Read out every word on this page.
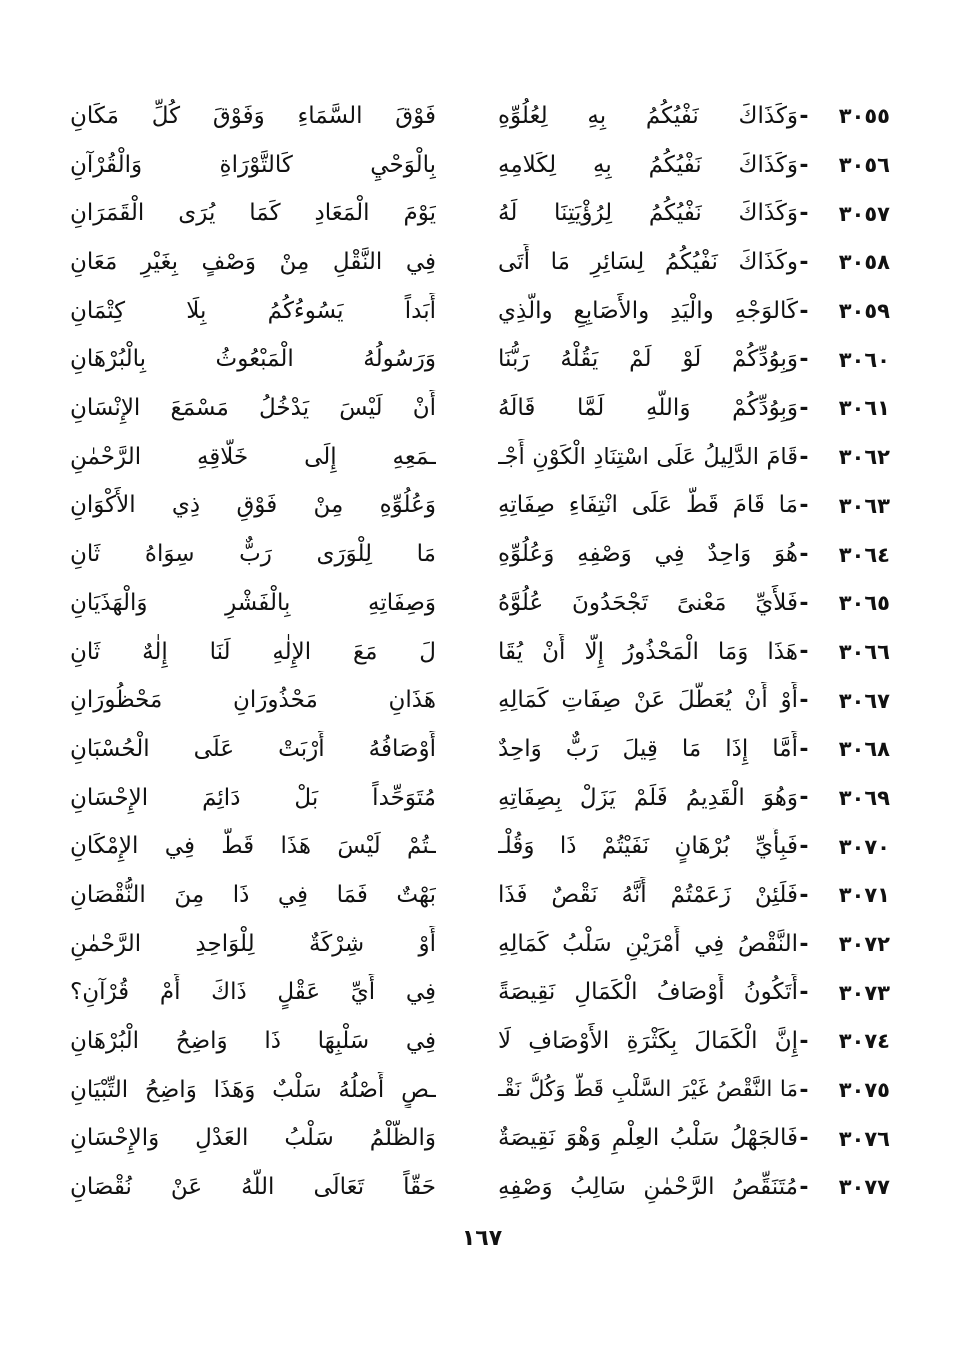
٣٠٥٥
-
وَكَذَاكَ نَفْيُكُمُ بِهِ لِعُلُوِّهِ
فَوْقَ السَّمَاءِ وَفَوْقَ كُلِّ مَكَانِ
٣٠٥٦
-
وَكَذَاكَ نَفْيُكُمُ بِهِ لِكَلامِهِ
بِالْوَحْيِ كَالتَّوْرَاةِ وَالْقُرْآنِ
٣٠٥٧
-
وَكَذَاكَ نَفْيُكُمُ لِرُؤْيَتِنَا لَهُ
يَوْمَ الْمَعَادِ كَمَا يُرَى الْقَمَرَانِ
٣٠٥٨
-
وكَذَاكَ نَفْيُكُمُ لِسَائِرِ مَا أَتَى
فِي النَّقْلِ مِنْ وَصْفٍ بِغَيْرِ مَعَانِ
٣٠٥٩
-
كَالوَجْهِ والْيَدِ والأَصَابِعِ والَّذِي
أَبَداً يَسُوءُكُمُ بِلَا كِتْمَانِ
٣٠٦٠
-
وَبِوُدِّكُمْ لَوْ لَمْ يَقُلْهُ رَبُّنَا
وَرَسُولُهُ الْمَبْعُوثُ بِالْبُرْهَانِ
٣٠٦١
-
وَبِوُدِّكُمْ وَاللَّهِ لَمَّا قَالَهُ
أَنْ لَيْسَ يَدْخُلُ مَسْمَعَ الإِنْسَانِ
٣٠٦٢
-
قَامَ الدَّلِيلُ عَلَى اسْتِنَادِ الْكَوْنِ أَجْـ
ـمَعِهِ إِلَى خَلَّاقِهِ الرَّحْمٰنِ
٣٠٦٣
-
مَا قَامَ قَطُّ عَلَى انْتِفَاءِ صِفَاتِهِ
وَعُلُوِّهِ مِنْ فَوْقِ ذِي الأَكْوَانِ
٣٠٦٤
-
هُوَ وَاحِدٌ فِي وَصْفِهِ وَعُلُوِّهِ
مَا لِلْوَرَى رَبٌّ سِوَاهُ ثَانِ
٣٠٦٥
-
فَلأَيِّ مَعْنىً تَجْحَدُونَ عُلُوَّهُ
وَصِفَاتِهِ بِالْفَشْرِ وَالْهَذَيَانِ
٣٠٦٦
-
هَذَا وَمَا الْمَحْذُورُ إِلَّا أَنْ يُقَا
لَ مَعَ الإِلٰهِ لَنَا إِلٰهٌ ثَانِ
٣٠٦٧
-
أَوْ أَنْ يُعَطَّلَ عَنْ صِفَاتِ كَمَالِهِ
هَذَانِ مَحْذُورَانِ مَحْظُورَانِ
٣٠٦٨
-
أَمَّا إِذَا مَا قِيلَ رَبٌّ وَاحِدٌ
أَوْصَافُهُ أَرْبَتْ عَلَى الْحُسْبَانِ
٣٠٦٩
-
وَهُوَ الْقَدِيمُ فَلَمْ يَزَلْ بِصِفَاتِهِ
مُتَوَحِّداً بَلْ دَائِمَ الإِحْسَانِ
٣٠٧٠
-
فَبِأَيِّ بُرْهَانٍ نَفَيْتُمْ ذَا وَقُلْـ
ـتُمْ لَيْسَ هَذَا قَطُّ فِي الإِمْكَانِ
٣٠٧١
-
فَلَئِنْ زَعَمْتُمْ أَنَّهُ نَقْصٌ فَذَا
بَهْتٌ فَمَا فِي ذَا مِنَ النُّقْصَانِ
٣٠٧٢
-
النَّقْصُ فِي أَمْرَيْنِ سَلْبُ كَمَالِهِ
أَوْ شِرْكَةٌ لِلْوَاحِدِ الرَّحْمٰنِ
٣٠٧٣
-
أَتَكُونُ أَوْصَافُ الْكَمَالِ نَقِيصَةً
فِي أَيِّ عَقْلٍ ذَاكَ أَمْ قُرْآنِ؟
٣٠٧٤
-
إِنَّ الْكَمَالَ بِكَثْرَةِ الأَوْصَافِ لَا
فِي سَلْبِهَا ذَا وَاضِحُ الْبُرْهَانِ
٣٠٧٥
-
مَا النَّقْصُ غَيْرَ السَّلْبِ قَطُّ وَكُلُّ نَقْـ
ـصٍ أَصْلُهُ سَلْبٌ وَهَذَا وَاضِحُ التِّبْيَانِ
٣٠٧٦
-
فَالجَهْلُ سَلْبُ العِلْمِ وَهْوَ نَقِيصَةٌ
وَالظُّلْمُ سَلْبُ العَدْلِ وَالإِحْسَانِ
٣٠٧٧
-
مُتَنَقِّصُ الرَّحْمٰنِ سَالِبُ وَصْفِهِ
حَقّاً تَعَالَى اللَّهُ عَنْ نُقْصَانِ
١٦٧
